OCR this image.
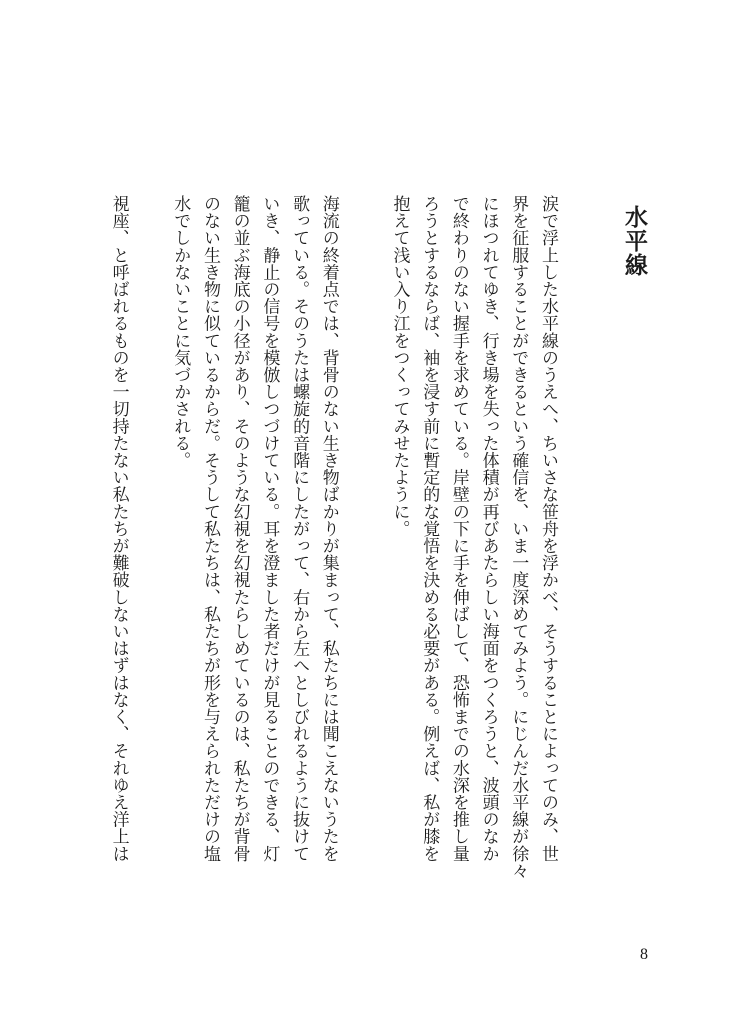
水平線

涙で浮上した水平線のうえへ、ちいさな笹舟を浮かべ、そうすることによってのみ、世

界を征服することができるという確信を、いま一度深めてみよう。にじんだ水平線が徐々

にほつれてゆき、行き場を失った体積が再びあたらしい海面をつくろうと、波頭のなか

で終わりのない握手を求めている。岸壁の下に手を伸ばして、恐怖までの水深を推し量

ろうとするならば、袖を浸す前に暫定的な覚悟を決める必要がある。例えば、私が膝を

抱えて浅い入り江をつくってみせたように。

海流の終着点では、背骨のない生き物ばかりが集まって、私たちには聞こえないうたを

歌っている。そのうたは螺旋的音階にしたがって、右から左へとしびれるように抜けて

いき、静止の信号を模倣しつづけている。耳を澄ました者だけが見ることのできる、灯

籠の並ぶ海底の小径があり、そのような幻視を幻視たらしめているのは、私たちが背骨

のない生き物に似ているからだ。そうして私たちは、私たちが形を与えられただけの塩

水でしかないことに気づかされる。

視座、と呼ばれるものを一切持たない私たちが難破しないはずはなく、それゆえ洋上は

8
